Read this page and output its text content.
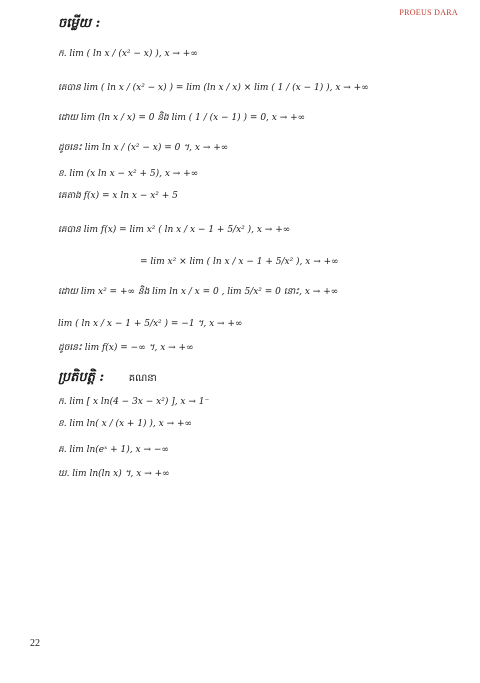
PROEUS DARA
ចម្លើយ :
ក. lim ( ln x / (x² − x) ), x → +∞
គេបាន lim ( ln x / (x² − x) ) = lim (ln x / x) × lim ( 1 / (x − 1) ), x → +∞
ដោយ lim (ln x / x) = 0 និង lim ( 1 / (x − 1) ) = 0, x → +∞
ដូចនេះ lim ln x / (x² − x) = 0 ។, x → +∞
ខ. lim (x ln x − x² + 5), x → +∞
គេតាង f(x) = x ln x − x² + 5
គេបាន lim f(x) = lim x² ( ln x / x − 1 + 5/x² ), x → +∞
= lim x² × lim ( ln x / x − 1 + 5/x² ), x → +∞
ដោយ lim x² = +∞ និង lim ln x / x = 0 , lim 5/x² = 0 នោះ, x → +∞
lim ( ln x / x − 1 + 5/x² ) = −1 ។, x → +∞
ដូចនេះ lim f(x) = −∞ ។, x → +∞
ប្រតិបត្តិ : គណនា
ក. lim [ x ln(4 − 3x − x²) ], x → 1⁻
ខ. lim ln( x / (x + 1) ), x → +∞
គ. lim ln(eˣ + 1), x → −∞
ឃ. lim ln(ln x) ។, x → +∞
22
